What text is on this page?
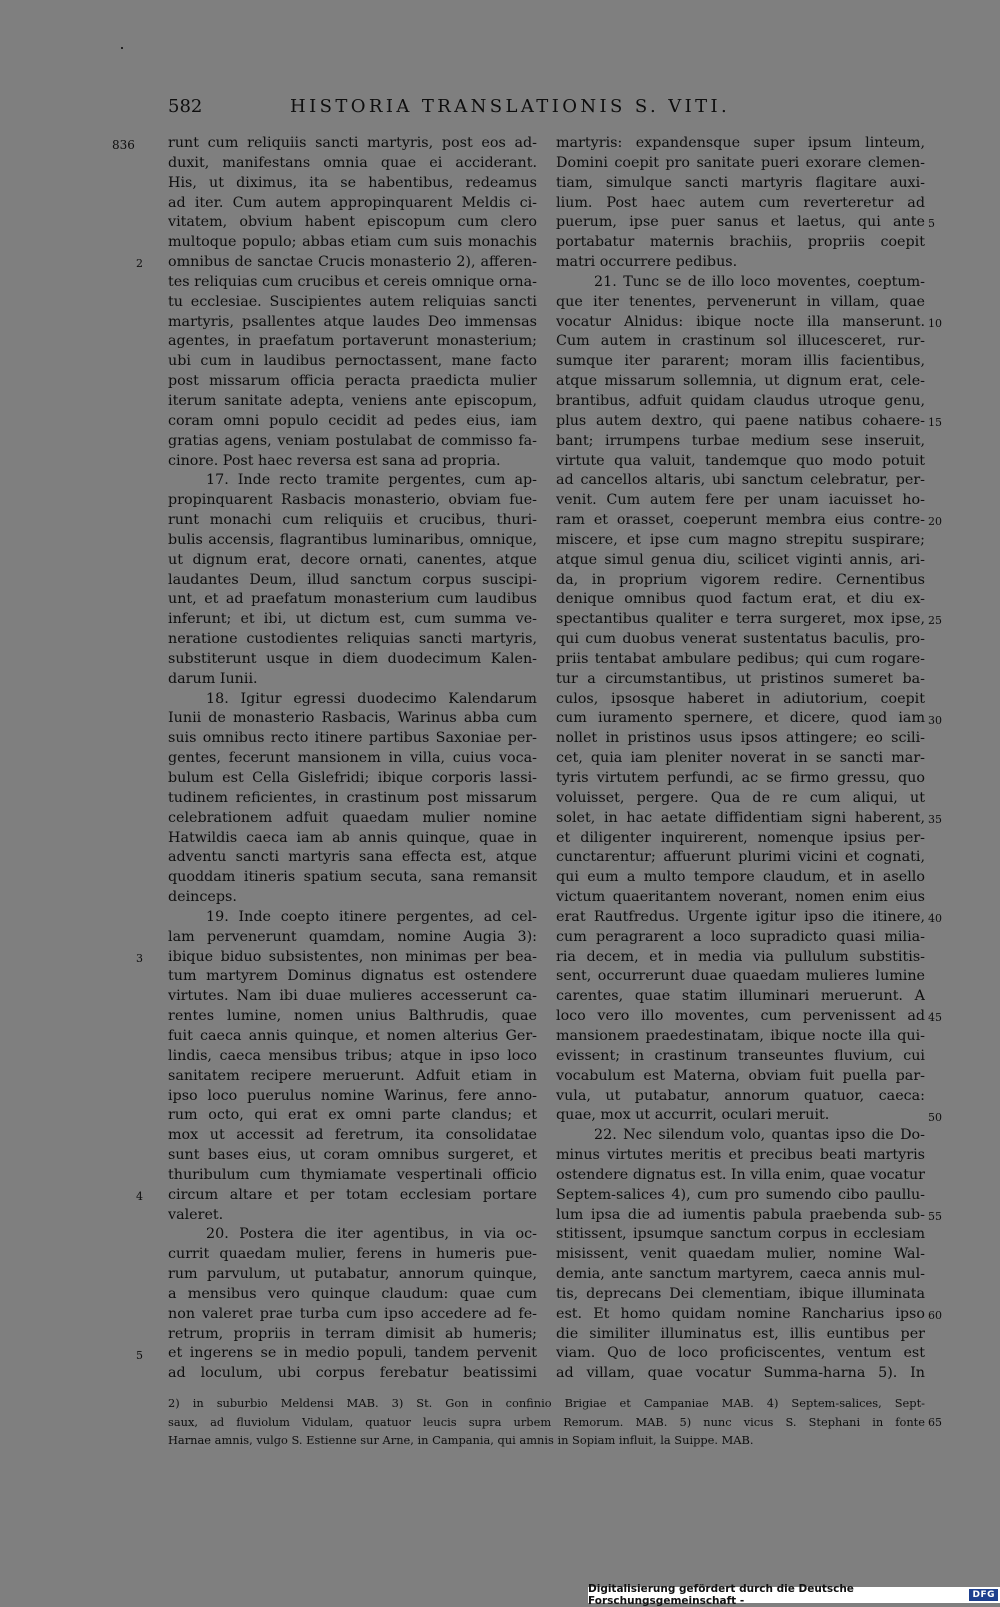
582	HISTORIA TRANSLATIONIS S. VITI.
runt cum reliquiis sancti martyris, post eos ad-
duxit, manifestans omnia quae ei acciderant.
His, ut diximus, ita se habentibus, redeamus
ad iter. Cum autem appropinquarent Meldis ci-
vitatem, obvium habent episcopum cum clero
multoque populo; abbas etiam cum suis monachis
omnibus de sanctae Crucis monasterio 2), afferen-
tes reliquias cum crucibus et cereis omnique orna-
tu ecclesiae. Suscipientes autem reliquias sancti
martyris, psallentes atque laudes Deo immensas
agentes, in praefatum portaverunt monasterium;
ubi cum in laudibus pernoctassent, mane facto
post missarum officia peracta praedicta mulier
iterum sanitate adepta, veniens ante episcopum,
coram omni populo cecidit ad pedes eius, iam
gratias agens, veniam postulabat de commisso fa-
cinore. Post haec reversa est sana ad propria.
17. Inde recto tramite pergentes, cum ap-
propinquarent Rasbacis monasterio, obviam fue-
runt monachi cum reliquiis et crucibus, thuri-
bulis accensis, flagrantibus luminaribus, omnique,
ut dignum erat, decore ornati, canentes, atque
laudantes Deum, illud sanctum corpus suscipi-
unt, et ad praefatum monasterium cum laudibus
inferunt; et ibi, ut dictum est, cum summa ve-
neratione custodientes reliquias sancti martyris,
substiterunt usque in diem duodecimum Kalen-
darum Iunii.
18. Igitur egressi duodecimo Kalendarum
Iunii de monasterio Rasbacis, Warinus abba cum
suis omnibus recto itinere partibus Saxoniae per-
gentes, fecerunt mansionem in villa, cuius voca-
bulum est Cella Gislefridi; ibique corporis lassi-
tudinem reficientes, in crastinum post missarum
celebrationem adfuit quaedam mulier nomine
Hatwildis caeca iam ab annis quinque, quae in
adventu sancti martyris sana effecta est, atque
quoddam itineris spatium secuta, sana remansit
deinceps.
19. Inde coepto itinere pergentes, ad cel-
lam pervenerunt quamdam, nomine Augia 3):
ibique biduo subsistentes, non minimas per bea-
tum martyrem Dominus dignatus est ostendere
virtutes. Nam ibi duae mulieres accesserunt ca-
rentes lumine, nomen unius Balthrudis, quae
fuit caeca annis quinque, et nomen alterius Ger-
lindis, caeca mensibus tribus; atque in ipso loco
sanitatem recipere meruerunt. Adfuit etiam in
ipso loco puerulus nomine Warinus, fere anno-
rum octo, qui erat ex omni parte clandus; et
mox ut accessit ad feretrum, ita consolidatae
sunt bases eius, ut coram omnibus surgeret, et
thuribulum cum thymiamate vespertinali officio
circum altare et per totam ecclesiam portare
valeret.
20. Postera die iter agentibus, in via oc-
currit quaedam mulier, ferens in humeris pue-
rum parvulum, ut putabatur, annorum quinque,
a mensibus vero quinque claudum: quae cum
non valeret prae turba cum ipso accedere ad fe-
retrum, propriis in terram dimisit ab humeris;
et ingerens se in medio populi, tandem pervenit
ad loculum, ubi corpus ferebatur beatissimi
martyris: expandensque super ipsum linteum,
Domini coepit pro sanitate pueri exorare clemen-
tiam, simulque sancti martyris flagitare auxi-
lium. Post haec autem cum reverteretur ad
puerum, ipse puer sanus et laetus, qui ante
portabatur maternis brachiis, propriis coepit
matri occurrere pedibus.
21. Tunc se de illo loco moventes, coeptum-
que iter tenentes, pervenerunt in villam, quae
vocatur Alnidus: ibique nocte illa manserunt.
Cum autem in crastinum sol illucesceret, rur-
sumque iter pararent; moram illis facientibus,
atque missarum sollemnia, ut dignum erat, cele-
brantibus, adfuit quidam claudus utroque genu,
plus autem dextro, qui paene natibus cohaere-
bant; irrumpens turbae medium sese inseruit,
virtute qua valuit, tandemque quo modo potuit
ad cancellos altaris, ubi sanctum celebratur, per-
venit. Cum autem fere per unam iacuisset ho-
ram et orasset, coeperunt membra eius contre-
miscere, et ipse cum magno strepitu suspirare;
atque simul genua diu, scilicet viginti annis, ari-
da, in proprium vigorem redire. Cernentibus
denique omnibus quod factum erat, et diu ex-
spectantibus qualiter e terra surgeret, mox ipse,
qui cum duobus venerat sustentatus baculis, pro-
priis tentabat ambulare pedibus; qui cum rogare-
tur a circumstantibus, ut pristinos sumeret ba-
culos, ipsosque haberet in adiutorium, coepit
cum iuramento spernere, et dicere, quod iam
nollet in pristinos usus ipsos attingere; eo scili-
cet, quia iam pleniter noverat in se sancti mar-
tyris virtutem perfundi, ac se firmo gressu, quo
voluisset, pergere. Qua de re cum aliqui, ut
solet, in hac aetate diffidentiam signi haberent,
et diligenter inquirerent, nomenque ipsius per-
cunctarentur; affuerunt plurimi vicini et cognati,
qui eum a multo tempore claudum, et in asello
victum quaeritantem noverant, nomen enim eius
erat Rautfredus. Urgente igitur ipso die itinere,
cum peragrarent a loco supradicto quasi milia-
ria decem, et in media via pullulum substitis-
sent, occurrerunt duae quaedam mulieres lumine
carentes, quae statim illuminari meruerunt. A
loco vero illo moventes, cum pervenissent ad
mansionem praedestinatam, ibique nocte illa qui-
evissent; in crastinum transeuntes fluvium, cui
vocabulum est Materna, obviam fuit puella par-
vula, ut putabatur, annorum quatuor, caeca:
quae, mox ut accurrit, oculari meruit.
22. Nec silendum volo, quantas ipso die Do-
minus virtutes meritis et precibus beati martyris
ostendere dignatus est. In villa enim, quae vocatur
Septem-salices 4), cum pro sumendo cibo paullu-
lum ipsa die ad iumentis pabula praebenda sub-
stitissent, ipsumque sanctum corpus in ecclesiam
misissent, venit quaedam mulier, nomine Wal-
demia, ante sanctum martyrem, caeca annis mul-
tis, deprecans Dei clementiam, ibique illuminata
est. Et homo quidam nomine Rancharius ipso
die similiter illuminatus est, illis euntibus per
viam. Quo de loco proficiscentes, ventum est
ad villam, quae vocatur Summa-harna 5). In
836
2
3
4
5
5
10
15
20
25
30
35
40
45
50
55
60
2) in suburbio Meldensi MAB. 3) St. Gon in confinio Brigiae et Campaniae MAB. 4) Septem-salices, Sept-
saux, ad fluviolum Vidulam, quatuor leucis supra urbem Remorum. MAB. 5) nunc vicus S. Stephani in fonte
Harnae amnis, vulgo S. Estienne sur Arne, in Campania, qui amnis in Sopiam influit, la Suippe. MAB.
65
Digitalisierung gefördert durch die Deutsche Forschungsgemeinschaft -	DFG
